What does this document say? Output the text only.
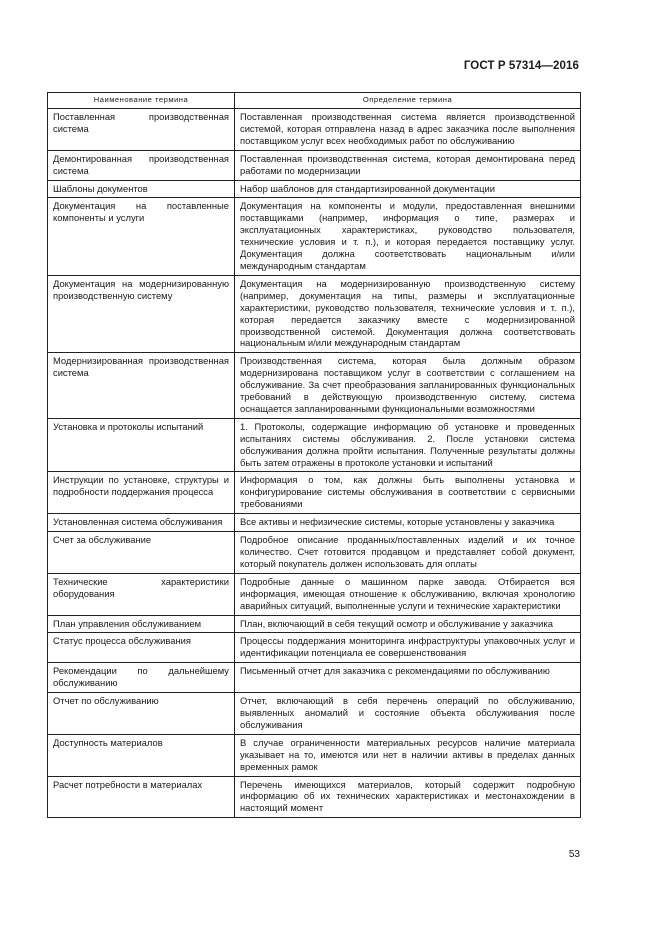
ГОСТ Р 57314—2016
Наименование термина	Определение термина
Поставленная производственная система	Поставленная производственная система является производственной системой, которая отправлена назад в адрес заказчика после выполнения поставщиком услуг всех необходимых работ по обслуживанию
Демонтированная производственная система	Поставленная производственная система, которая демонтирована перед работами по модернизации
Шаблоны документов	Набор шаблонов для стандартизированной документации
Документация на поставленные компоненты и услуги	Документация на компоненты и модули, предоставленная внешними поставщиками (например, информация о типе, размерах и эксплуатационных характеристиках, руководство пользователя, технические условия и т. п.), и которая передается поставщику услуг. Документация должна соответствовать национальным и/или международным стандартам
Документация на модернизированную производственную систему	Документация на модернизированную производственную систему (например, документация на типы, размеры и эксплуатационные характеристики, руководство пользователя, технические условия и т. п.), которая передается заказчику вместе с модернизированной производственной системой. Документация должна соответствовать национальным и/или международным стандартам
Модернизированная производственная система	Производственная система, которая была должным образом модернизирована поставщиком услуг в соответствии с соглашением на обслуживание. За счет преобразования запланированных функциональных требований в действующую производственную систему, система оснащается запланированными функциональными возможностями
Установка и протоколы испытаний	1. Протоколы, содержащие информацию об установке и проведенных испытаниях системы обслуживания. 2. После установки система обслуживания должна пройти испытания. Полученные результаты должны быть затем отражены в протоколе установки и испытаний
Инструкции по установке, структуры и подробности поддержания процесса	Информация о том, как должны быть выполнены установка и конфигурирование системы обслуживания в соответствии с сервисными требованиями
Установленная система обслуживания	Все активы и нефизические системы, которые установлены у заказчика
Счет за обслуживание	Подробное описание проданных/поставленных изделий и их точное количество. Счет готовится продавцом и представляет собой документ, который покупатель должен использовать для оплаты
Технические характеристики оборудования	Подробные данные о машинном парке завода. Отбирается вся информация, имеющая отношение к обслуживанию, включая хронологию аварийных ситуаций, выполненные услуги и технические характеристики
План управления обслуживанием	План, включающий в себя текущий осмотр и обслуживание у заказчика
Статус процесса обслуживания	Процессы поддержания мониторинга инфраструктуры упаковочных услуг и идентификации потенциала ее совершенствования
Рекомендации по дальнейшему обслуживанию	Письменный отчет для заказчика с рекомендациями по обслуживанию
Отчет по обслуживанию	Отчет, включающий в себя перечень операций по обслуживанию, выявленных аномалий и состояние объекта обслуживания после обслуживания
Доступность материалов	В случае ограниченности материальных ресурсов наличие материала указывает на то, имеются или нет в наличии активы в пределах данных временных рамок
Расчет потребности в материалах	Перечень имеющихся материалов, который содержит подробную информацию об их технических характеристиках и местонахождении в настоящий момент
53
